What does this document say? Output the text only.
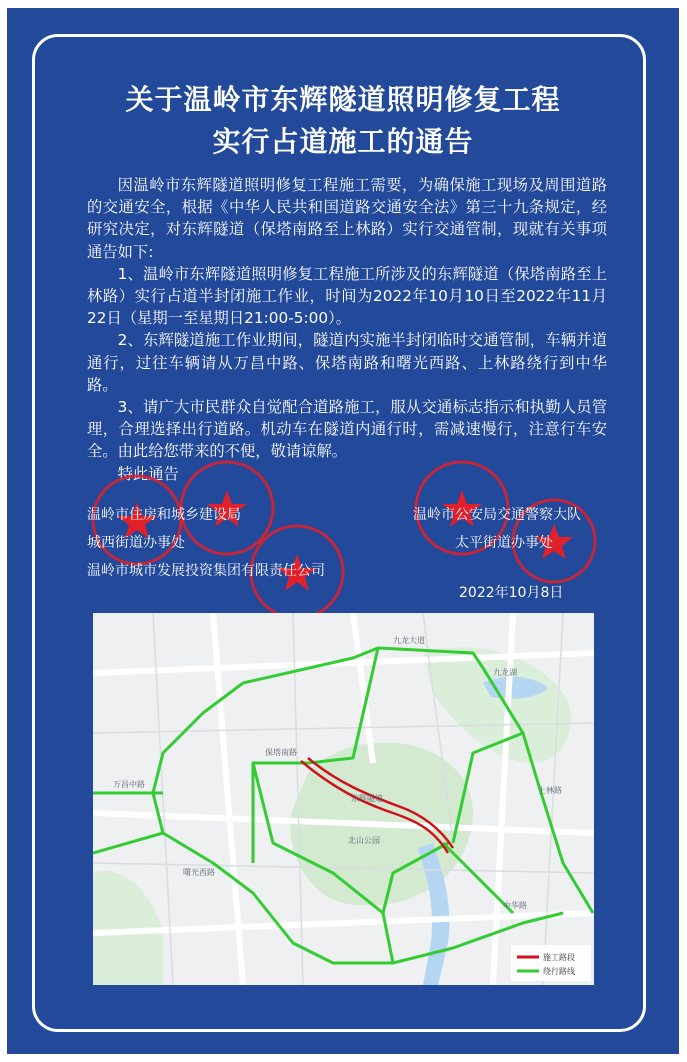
关于温岭市东辉隧道照明修复工程
实行占道施工的通告

因温岭市东辉隧道照明修复工程施工需要，为确保施工现场及周围道路的交通安全，根据《中华人民共和国道路交通安全法》第三十九条规定，经研究决定，对东辉隧道（保塔南路至上林路）实行交通管制，现就有关事项通告如下:

1、温岭市东辉隧道照明修复工程施工所涉及的东辉隧道（保塔南路至上林路）实行占道半封闭施工作业，时间为2022年10月10日至2022年11月22日（星期一至星期日21:00-5:00）。

2、东辉隧道施工作业期间，隧道内实施半封闭临时交通管制，车辆并道通行，过往车辆请从万昌中路、保塔南路和曙光西路、上林路绕行到中华路。

3、请广大市民群众自觉配合道路施工，服从交通标志指示和执勤人员管理，合理选择出行道路。机动车在隧道内通行时，需减速慢行，注意行车安全。由此给您带来的不便，敬请谅解。

特此通告

温岭市住房和城乡建设局
城西街道办事处
温岭市城市发展投资集团有限责任公司
温岭市公安局交通警察大队
太平街道办事处
2022年10月8日
东辉隧道
九龙大道
万昌中路
保塔南路
曙光西路
上林路
中华路
北山公园
九龙湖
施工路段
绕行路线
